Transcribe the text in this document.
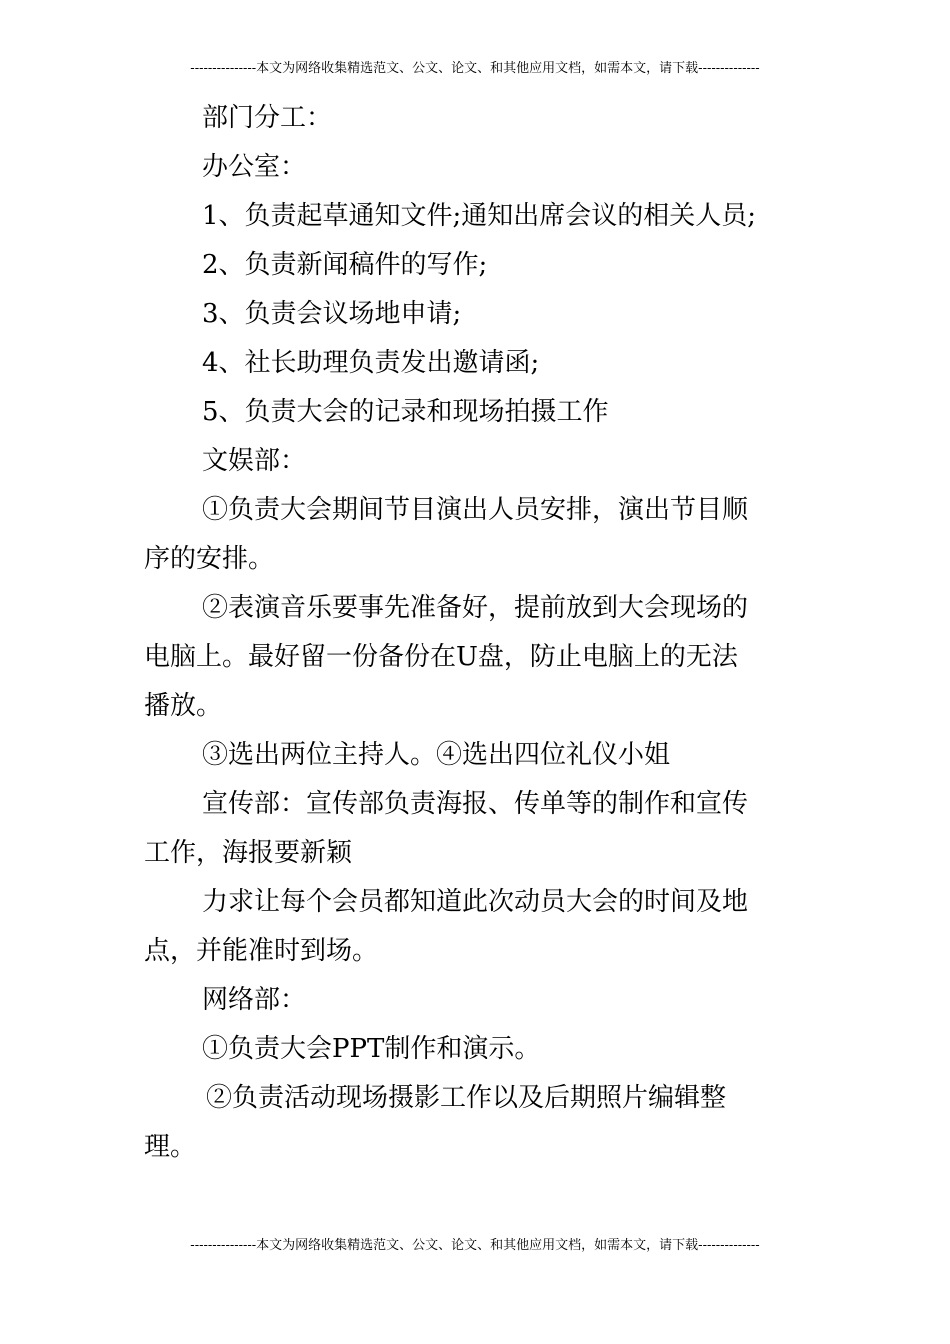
---------------本文为网络收集精选范文、公文、论文、和其他应用文档，如需本文，请下载--------------
部门分工：
办公室：
1、负责起草通知文件;通知出席会议的相关人员;
2、负责新闻稿件的写作;
3、负责会议场地申请;
4、社长助理负责发出邀请函;
5、负责大会的记录和现场拍摄工作
文娱部：
①负责大会期间节目演出人员安排，演出节目顺
序的安排。
②表演音乐要事先准备好，提前放到大会现场的
电脑上。最好留一份备份在U盘，防止电脑上的无法
播放。
③选出两位主持人。④选出四位礼仪小姐
宣传部：宣传部负责海报、传单等的制作和宣传
工作，海报要新颖
力求让每个会员都知道此次动员大会的时间及地
点，并能准时到场。
网络部：
①负责大会PPT制作和演示。
②负责活动现场摄影工作以及后期照片编辑整
理。
---------------本文为网络收集精选范文、公文、论文、和其他应用文档，如需本文，请下载--------------
